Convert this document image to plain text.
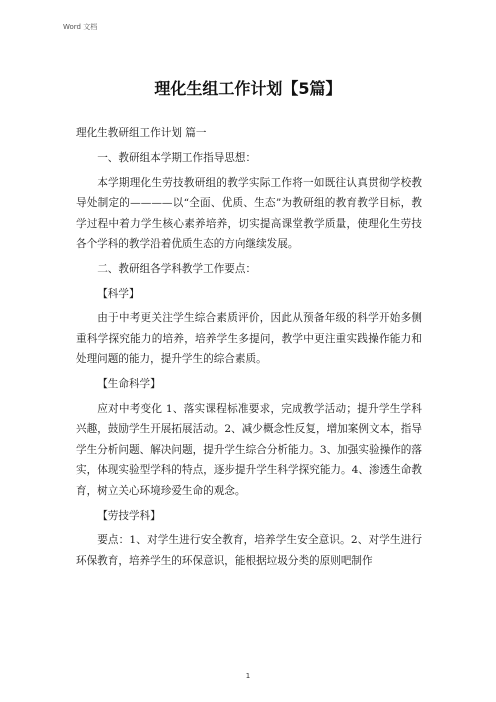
Word 文档
理化生组工作计划【5篇】

理化生教研组工作计划 篇一

一、教研组本学期工作指导思想：

本学期理化生劳技教研组的教学实际工作将一如既往认真贯彻学校教导处制定的————以“全面、优质、生态”为教研组的教育教学目标，教学过程中着力学生核心素养培养，切实提高课堂教学质量，使理化生劳技各个学科的教学沿着优质生态的方向继续发展。

二、教研组各学科教学工作要点：

【科学】

由于中考更关注学生综合素质评价，因此从预备年级的科学开始多侧重科学探究能力的培养，培养学生多提问，教学中更注重实践操作能力和处理问题的能力，提升学生的综合素质。

【生命科学】

应对中考变化 1、落实课程标准要求，完成教学活动；提升学生学科兴趣，鼓励学生开展拓展活动。2、减少概念性反复，增加案例文本，指导学生分析问题、解决问题，提升学生综合分析能力。3、加强实验操作的落实，体现实验型学科的特点，逐步提升学生科学探究能力。4、渗透生命教育，树立关心环境珍爱生命的观念。

【劳技学科】

要点：1、对学生进行安全教育，培养学生安全意识。2、对学生进行环保教育，培养学生的环保意识，能根据垃圾分类的原则吧制作

1
